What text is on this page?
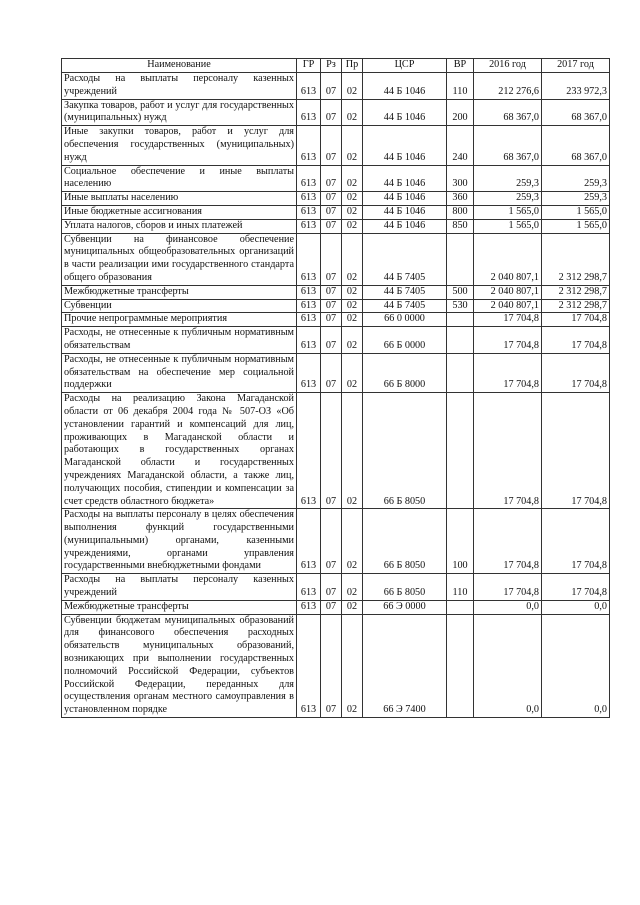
Наименование	ГР	Рз	Пр	ЦСР	ВР	2016 год	2017 год
Расходы на выплаты персоналу казенных учреждений	613	07	02	44 Б 1046	110	212 276,6	233 972,3
Закупка товаров, работ и услуг для государственных (муниципальных) нужд	613	07	02	44 Б 1046	200	68 367,0	68 367,0
Иные закупки товаров, работ и услуг для обеспечения государственных (муниципальных) нужд	613	07	02	44 Б 1046	240	68 367,0	68 367,0
Социальное обеспечение и иные выплаты населению	613	07	02	44 Б 1046	300	259,3	259,3
Иные выплаты населению	613	07	02	44 Б 1046	360	259,3	259,3
Иные бюджетные ассигнования	613	07	02	44 Б 1046	800	1 565,0	1 565,0
Уплата налогов, сборов и иных платежей	613	07	02	44 Б 1046	850	1 565,0	1 565,0
Субвенции на финансовое обеспечение муниципальных общеобразовательных организаций в части реализации ими государственного стандарта общего образования	613	07	02	44 Б 7405		2 040 807,1	2 312 298,7
Межбюджетные трансферты	613	07	02	44 Б 7405	500	2 040 807,1	2 312 298,7
Субвенции	613	07	02	44 Б 7405	530	2 040 807,1	2 312 298,7
Прочие непрограммные мероприятия	613	07	02	66 0 0000		17 704,8	17 704,8
Расходы, не отнесенные к публичным нормативным обязательствам	613	07	02	66 Б 0000		17 704,8	17 704,8
Расходы, не отнесенные к публичным нормативным обязательствам на обеспечение мер социальной поддержки	613	07	02	66 Б 8000		17 704,8	17 704,8
Расходы на реализацию Закона Магаданской области от 06 декабря 2004 года № 507-ОЗ «Об установлении гарантий и компенсаций для лиц, проживающих в Магаданской области и работающих в государственных органах Магаданской области и государственных учреждениях Магаданской области, а также лиц, получающих пособия, стипендии и компенсации за счет средств областного бюджета»	613	07	02	66 Б 8050		17 704,8	17 704,8
Расходы на выплаты персоналу в целях обеспечения выполнения функций государственными (муниципальными) органами, казенными учреждениями, органами управления государственными внебюджетными фондами	613	07	02	66 Б 8050	100	17 704,8	17 704,8
Расходы на выплаты персоналу казенных учреждений	613	07	02	66 Б 8050	110	17 704,8	17 704,8
Межбюджетные трансферты	613	07	02	66 Э 0000		0,0	0,0
Субвенции бюджетам муниципальных образований для финансового обеспечения расходных обязательств муниципальных образований, возникающих при выполнении государственных полномочий Российской Федерации, субъектов Российской Федерации, переданных для осуществления органам местного самоуправления в установленном порядке	613	07	02	66 Э 7400		0,0	0,0
